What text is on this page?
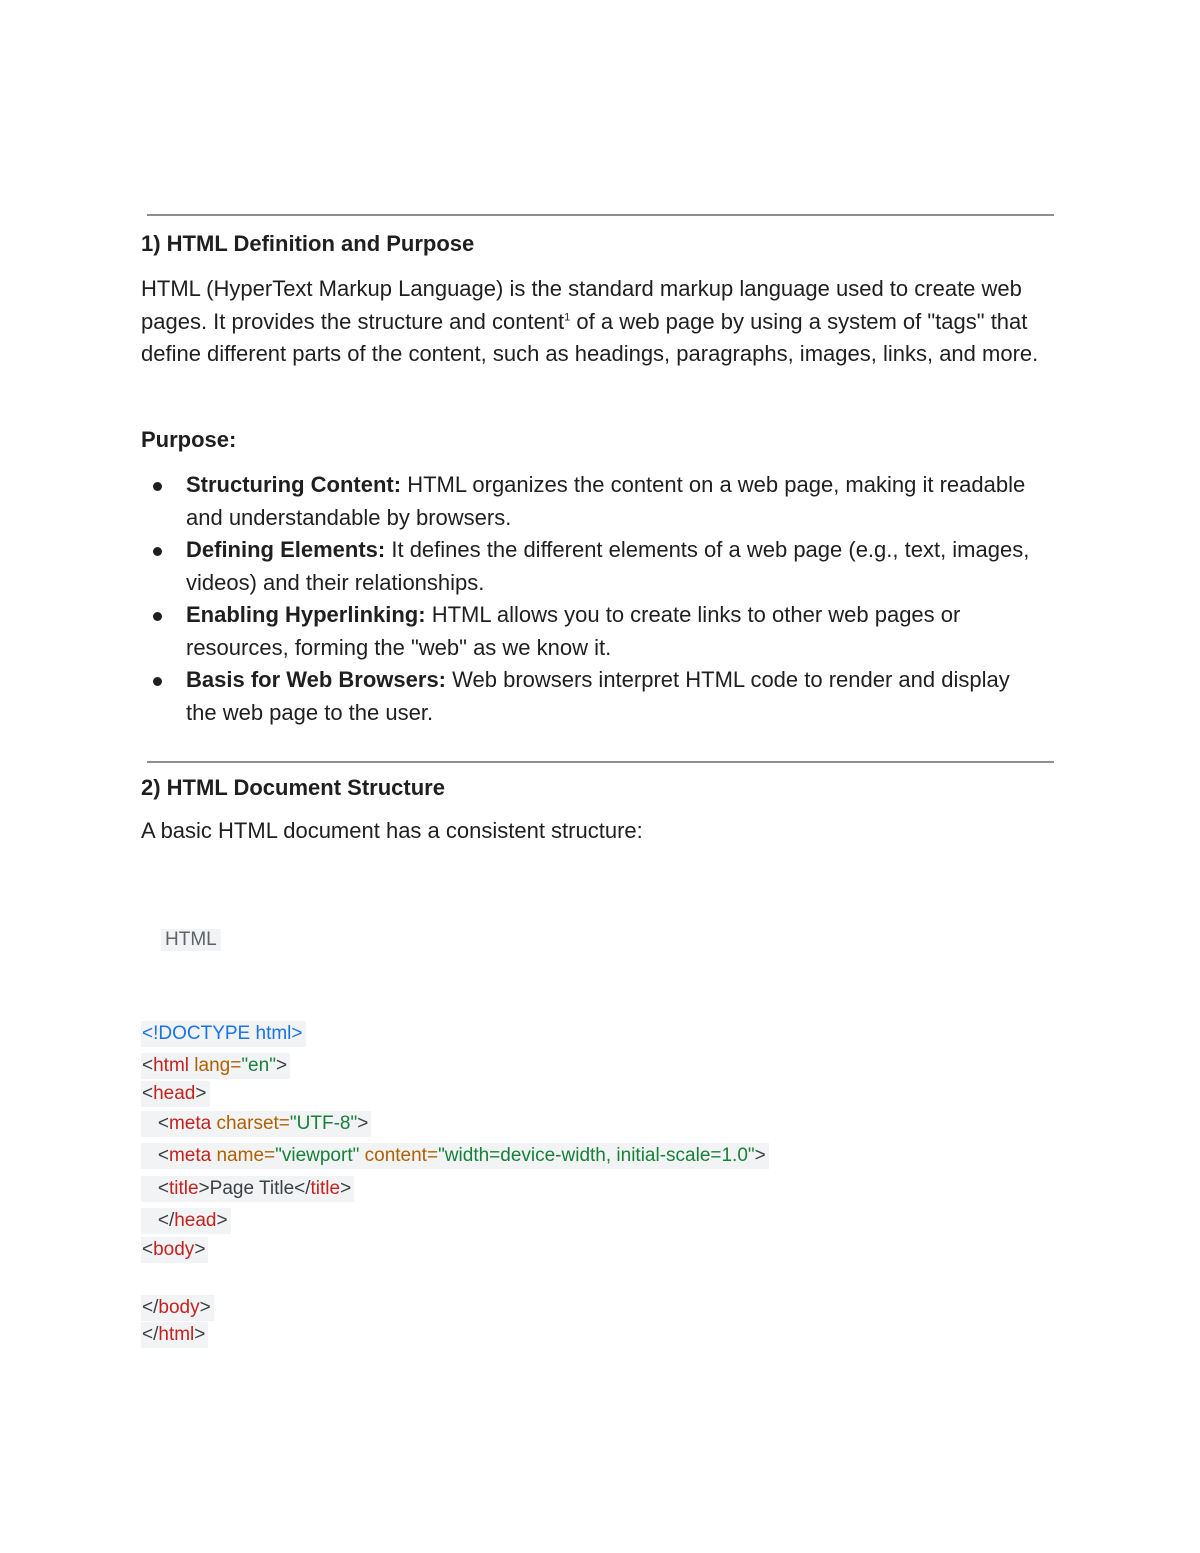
1) HTML Definition and Purpose

HTML (HyperText Markup Language) is the standard markup language used to create web pages. It provides the structure and content$^1$ of a web page by using a system of "tags" that define different parts of the content, such as headings, paragraphs, images, links, and more.

Purpose:
Structuring Content: HTML organizes the content on a web page, making it readable and understandable by browsers.
Defining Elements: It defines the different elements of a web page (e.g., text, images, videos) and their relationships.
Enabling Hyperlinking: HTML allows you to create links to other web pages or resources, forming the "web" as we know it.
Basis for Web Browsers: Web browsers interpret HTML code to render and display the web page to the user.
2) HTML Document Structure

A basic HTML document has a consistent structure:

HTML
<!DOCTYPE html>
<html lang="en">
<head>
<meta charset="UTF-8">
<meta name="viewport" content="width=device-width, initial-scale=1.0">
<title>Page Title</title>
</head>
<body>
</body>
</html>
